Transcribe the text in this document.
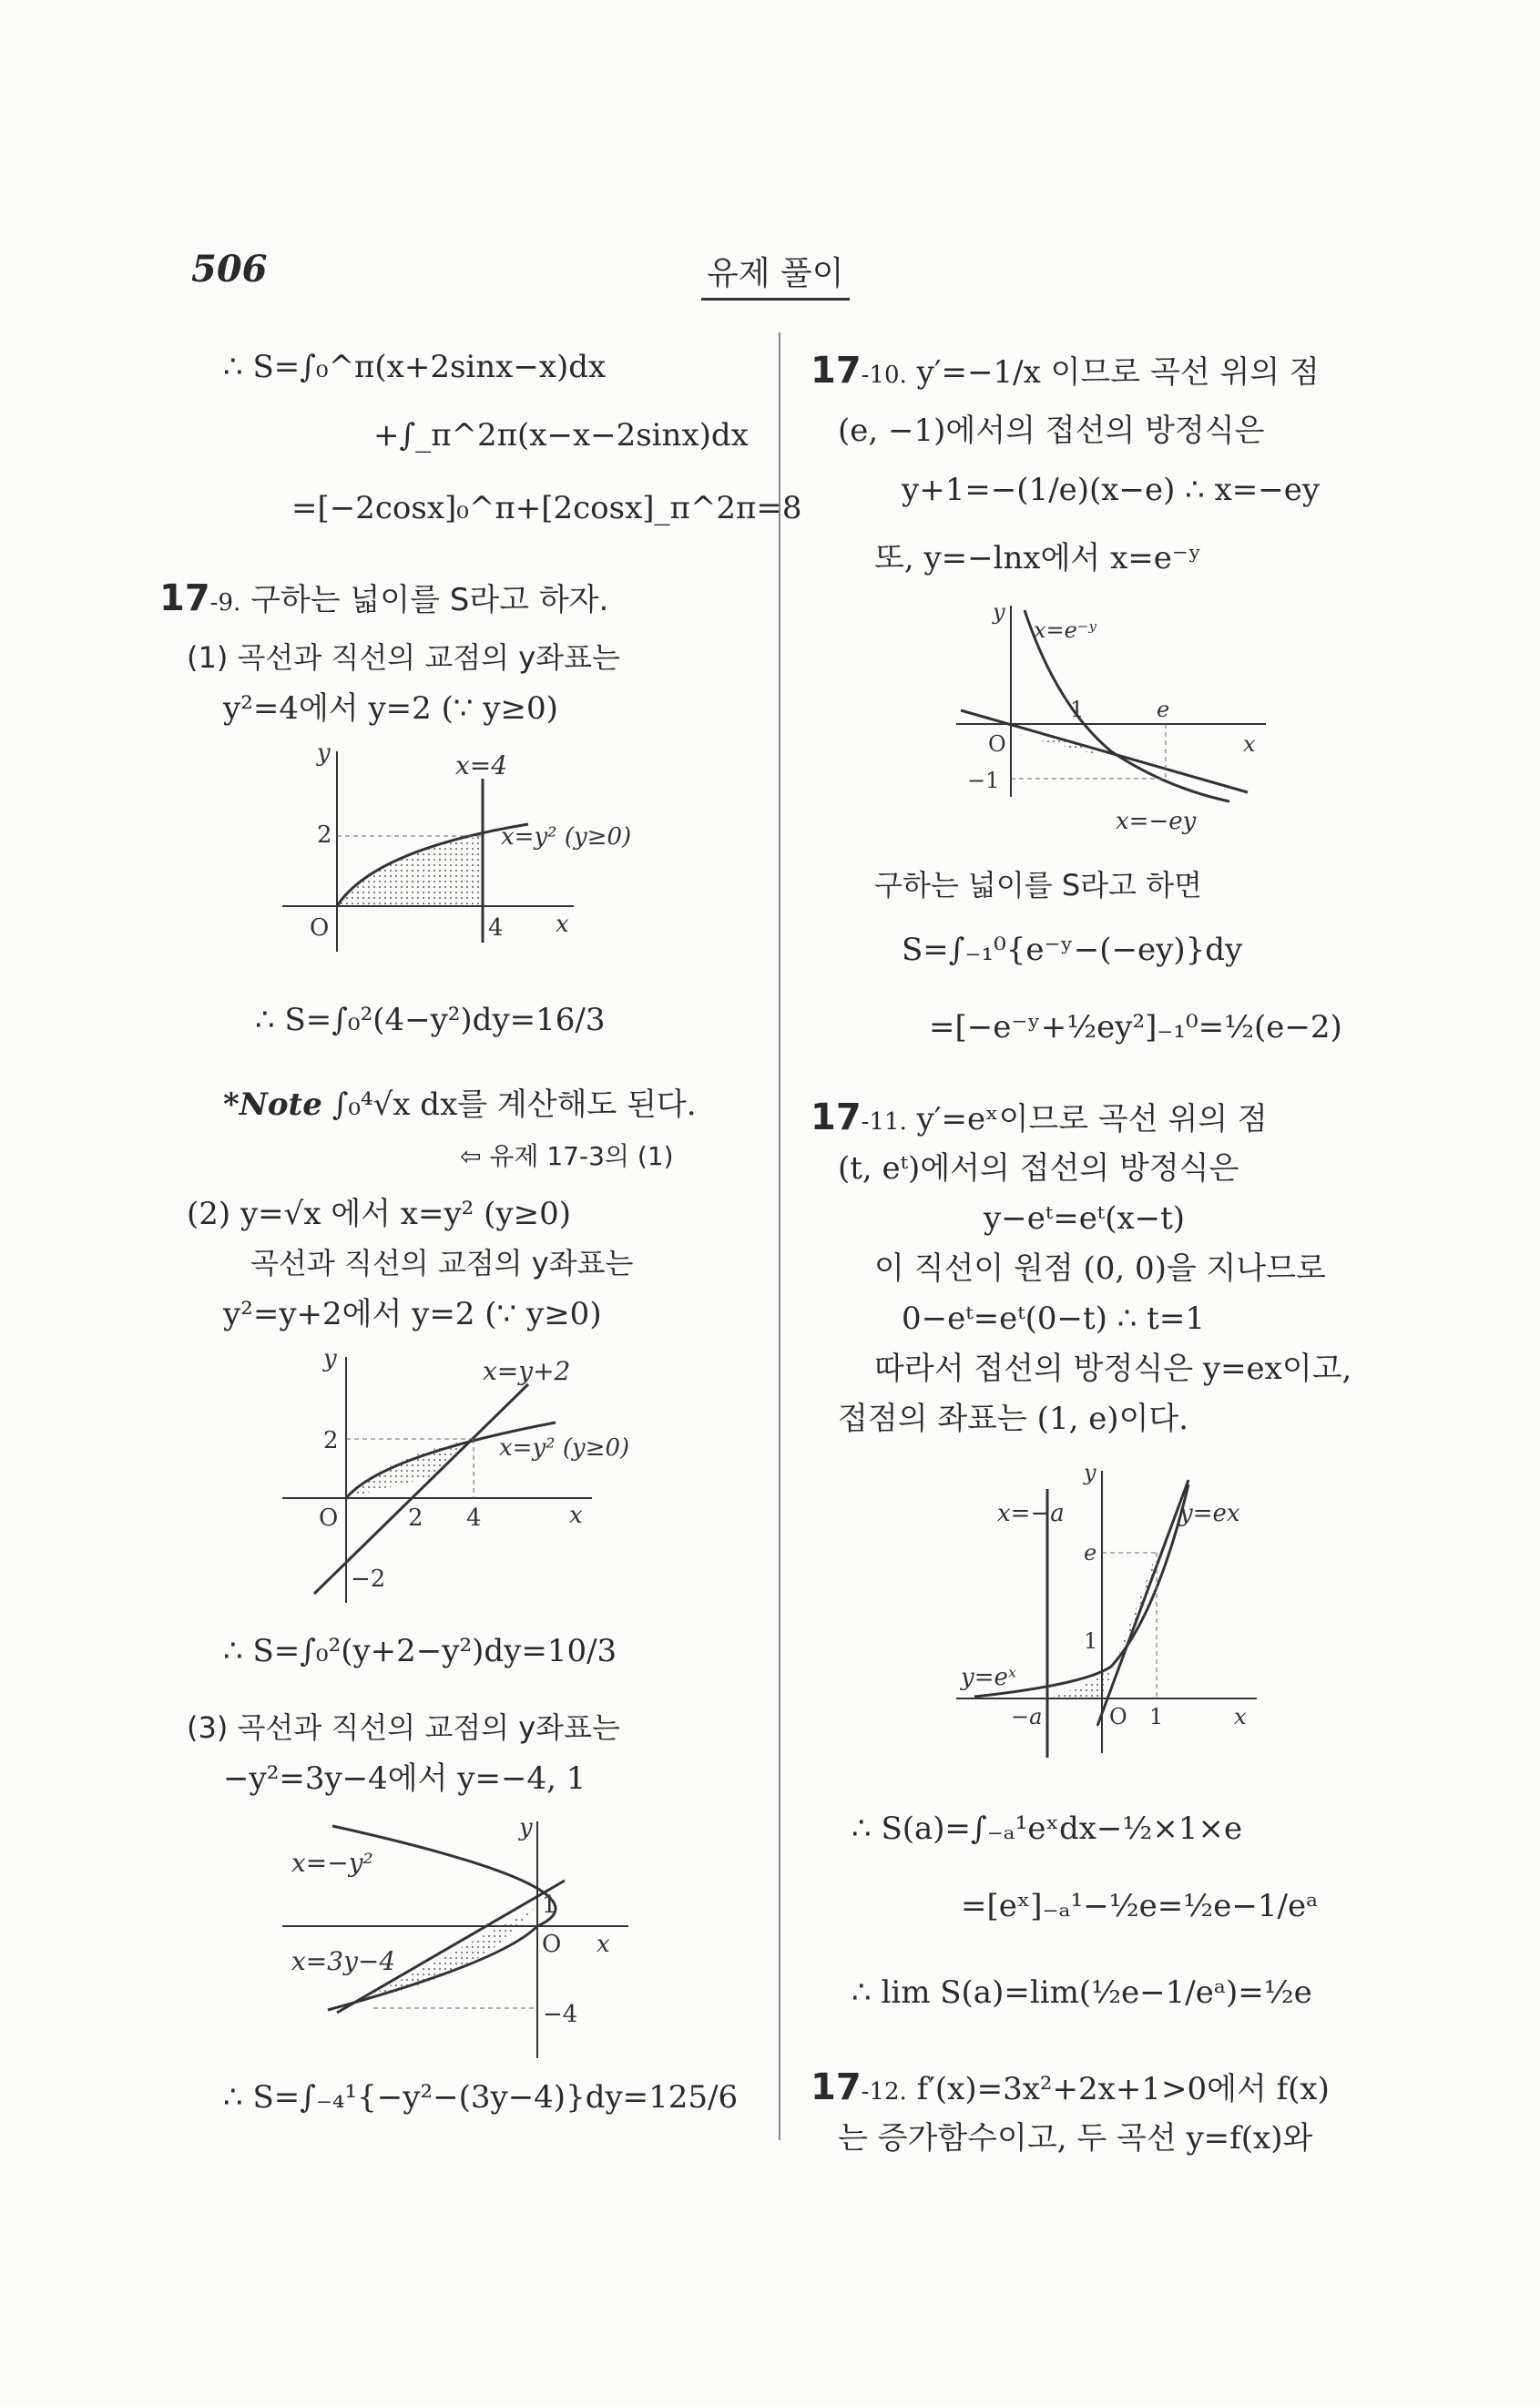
506	유제 풀이
∴ S=∫₀^π(x+2sinx−x)dx
+∫_π^2π(x−x−2sinx)dx
=[−2cosx]₀^π+[2cosx]_π^2π=8
17-9. 구하는 넓이를 S라고 하자.
(1) 곡선과 직선의 교점의 y좌표는
y²=4에서 y=2 (∵ y≥0)
y
x
O
2
4
x=4
x=y² (y≥0)
∴ S=∫₀²(4−y²)dy=16/3
*Note ∫₀⁴√x dx를 계산해도 된다.
⇦ 유제 17-3의 (1)
(2) y=√x 에서 x=y² (y≥0)
곡선과 직선의 교점의 y좌표는
y²=y+2에서 y=2 (∵ y≥0)
y
x
O
2
2 4
−2
x=y+2
x=y² (y≥0)
∴ S=∫₀²(y+2−y²)dy=10/3
(3) 곡선과 직선의 교점의 y좌표는
−y²=3y−4에서 y=−4, 1
y
x
O
1
−4
x=−y²
x=3y−4
∴ S=∫₋₄¹{−y²−(3y−4)}dy=125/6
17-10. y′=−1/x 이므로 곡선 위의 점
(e, −1)에서의 접선의 방정식은
y+1=−(1/e)(x−e) ∴ x=−ey
또, y=−lnx에서 x=e⁻ʸ
y
x
O
1	e
−1
x=e⁻ʸ
x=−ey
구하는 넓이를 S라고 하면
S=∫₋₁⁰{e⁻ʸ−(−ey)}dy
=[−e⁻ʸ+½ey²]₋₁⁰=½(e−2)
17-11. y′=eˣ이므로 곡선 위의 점
(t, eᵗ)에서의 접선의 방정식은
y−eᵗ=eᵗ(x−t)
이 직선이 원점 (0, 0)을 지나므로
0−eᵗ=eᵗ(0−t) ∴ t=1
따라서 접선의 방정식은 y=ex이고,
접점의 좌표는 (1, e)이다.
y
x
O 1
−a
e
1
x=−a	y=ex
y=eˣ
∴ S(a)=∫₋ₐ¹eˣdx−½×1×e
=[eˣ]₋ₐ¹−½e=½e−1/eᵃ
∴ lim S(a)=lim(½e−1/eᵃ)=½e
17-12. f′(x)=3x²+2x+1>0에서 f(x)
는 증가함수이고, 두 곡선 y=f(x)와
